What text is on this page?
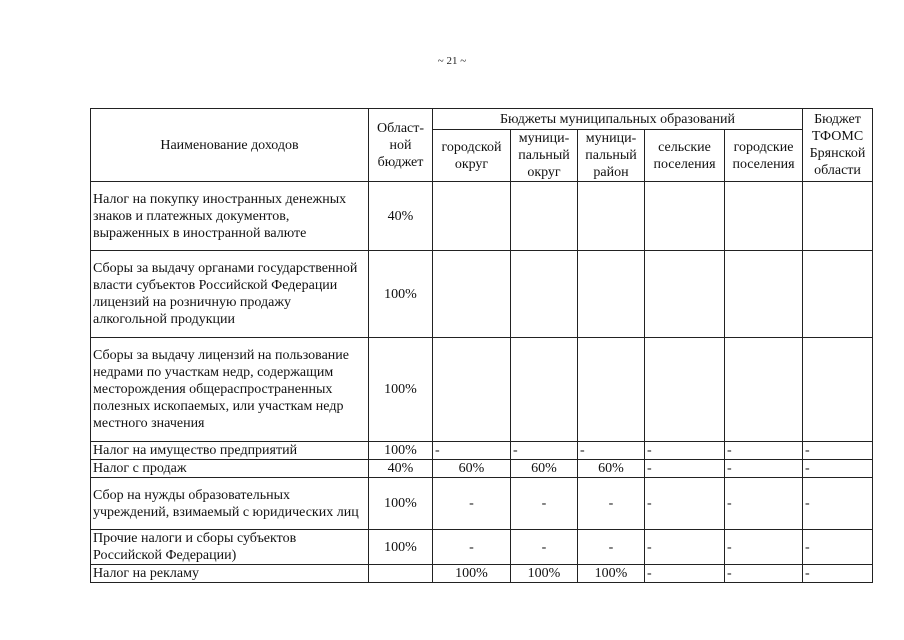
~ 21 ~
Наименование доходов	Област-ной бюджет	Бюджеты муниципальных образований					Бюджет ТФОМС Брянской области
		городской округ	муници-пальный округ	муници-пальный район	сельские поселения	городские поселения	
Налог на покупку иностранных денежных знаков и платежных документов, выраженных в иностранной валюте	40%						
Сборы за выдачу органами государственной власти субъектов Российской Федерации лицензий на розничную продажу алкогольной продукции	100%						
Сборы за выдачу лицензий на пользование недрами по участкам недр, содержащим месторождения общераспространенных полезных ископаемых, или участкам недр местного значения	100%						
Налог на имущество предприятий	100%	-	-	-	-	-	-
Налог с продаж	40%	60%	60%	60%	-	-	-
Сбор на нужды образовательных учреждений, взимаемый с юридических лиц	100%	-	-	-	-	-	-
Прочие налоги и сборы субъектов Российской Федерации)	100%	-	-	-	-	-	-
Налог на рекламу		100%	100%	100%	-	-	-
